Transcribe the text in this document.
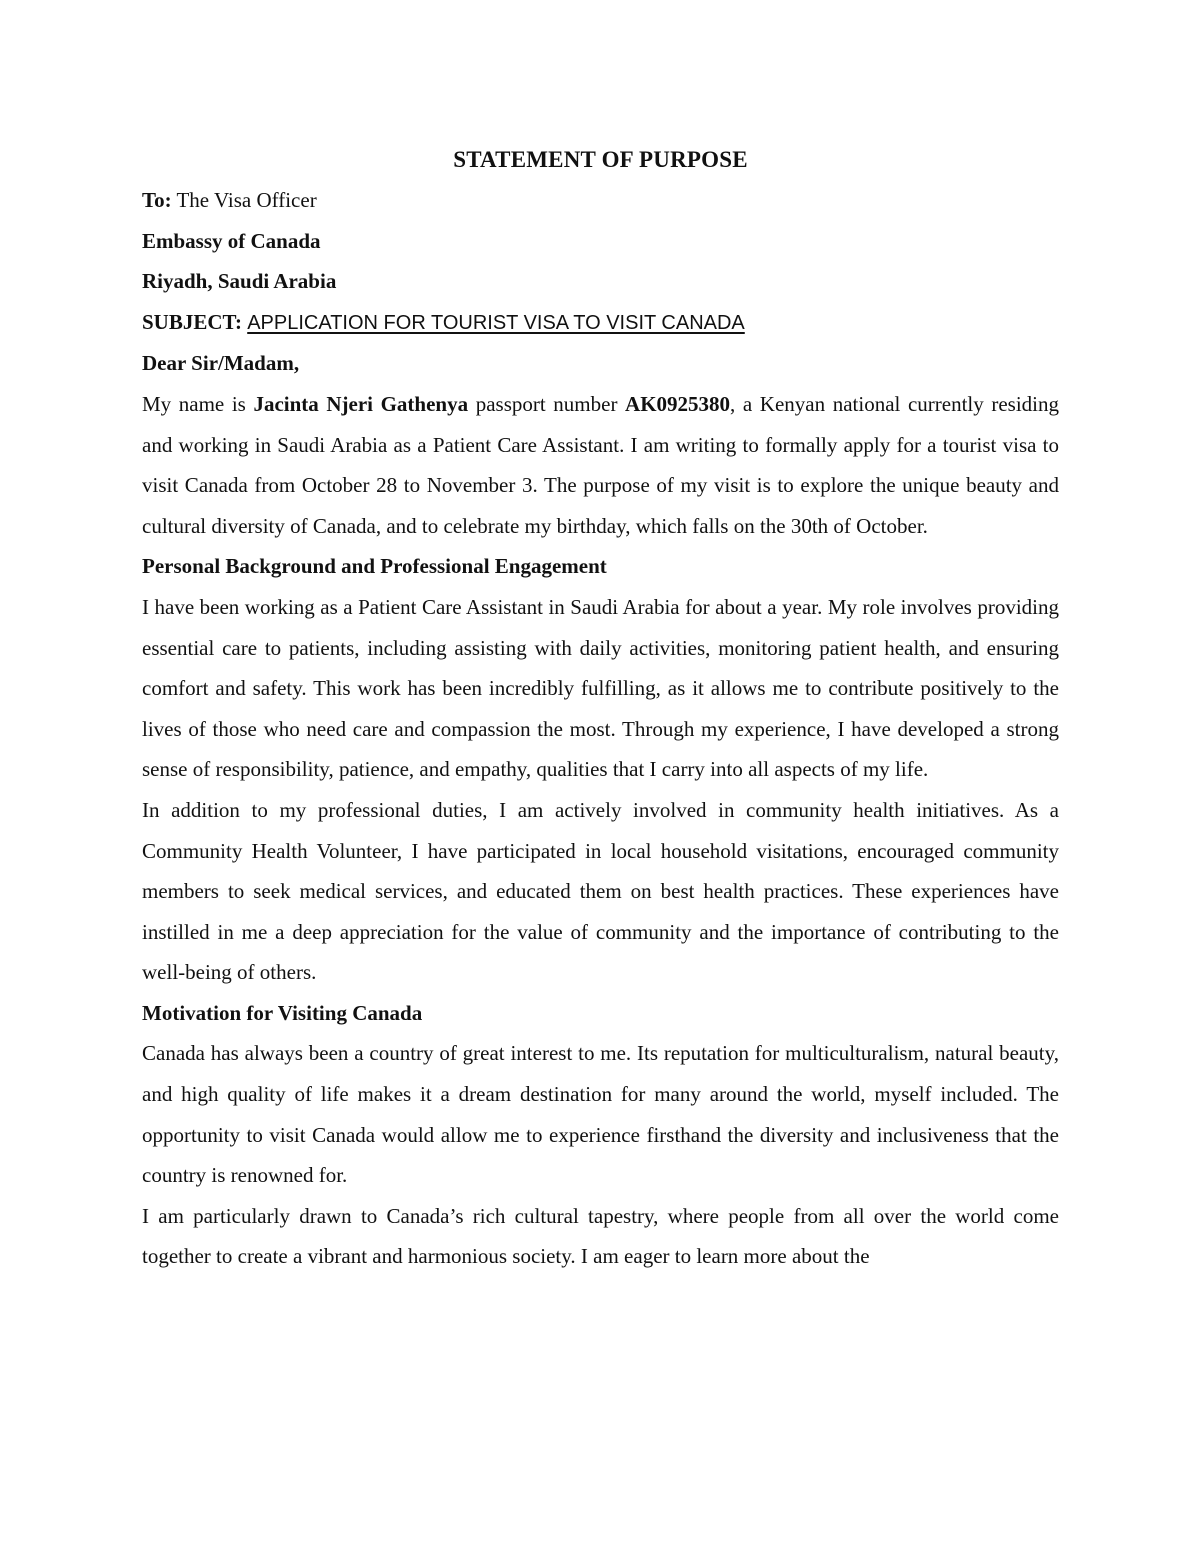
STATEMENT OF PURPOSE

To: The Visa Officer

Embassy of Canada

Riyadh, Saudi Arabia

SUBJECT: APPLICATION FOR TOURIST VISA TO VISIT CANADA

Dear Sir/Madam,

My name is Jacinta Njeri Gathenya passport number AK0925380, a Kenyan national currently residing and working in Saudi Arabia as a Patient Care Assistant. I am writing to formally apply for a tourist visa to visit Canada from October 28 to November 3. The purpose of my visit is to explore the unique beauty and cultural diversity of Canada, and to celebrate my birthday, which falls on the 30th of October.

Personal Background and Professional Engagement

I have been working as a Patient Care Assistant in Saudi Arabia for about a year. My role involves providing essential care to patients, including assisting with daily activities, monitoring patient health, and ensuring comfort and safety. This work has been incredibly fulfilling, as it allows me to contribute positively to the lives of those who need care and compassion the most. Through my experience, I have developed a strong sense of responsibility, patience, and empathy, qualities that I carry into all aspects of my life.

In addition to my professional duties, I am actively involved in community health initiatives. As a Community Health Volunteer, I have participated in local household visitations, encouraged community members to seek medical services, and educated them on best health practices. These experiences have instilled in me a deep appreciation for the value of community and the importance of contributing to the well-being of others.

Motivation for Visiting Canada

Canada has always been a country of great interest to me. Its reputation for multiculturalism, natural beauty, and high quality of life makes it a dream destination for many around the world, myself included. The opportunity to visit Canada would allow me to experience firsthand the diversity and inclusiveness that the country is renowned for.

I am particularly drawn to Canada’s rich cultural tapestry, where people from all over the world come together to create a vibrant and harmonious society. I am eager to learn more about the
